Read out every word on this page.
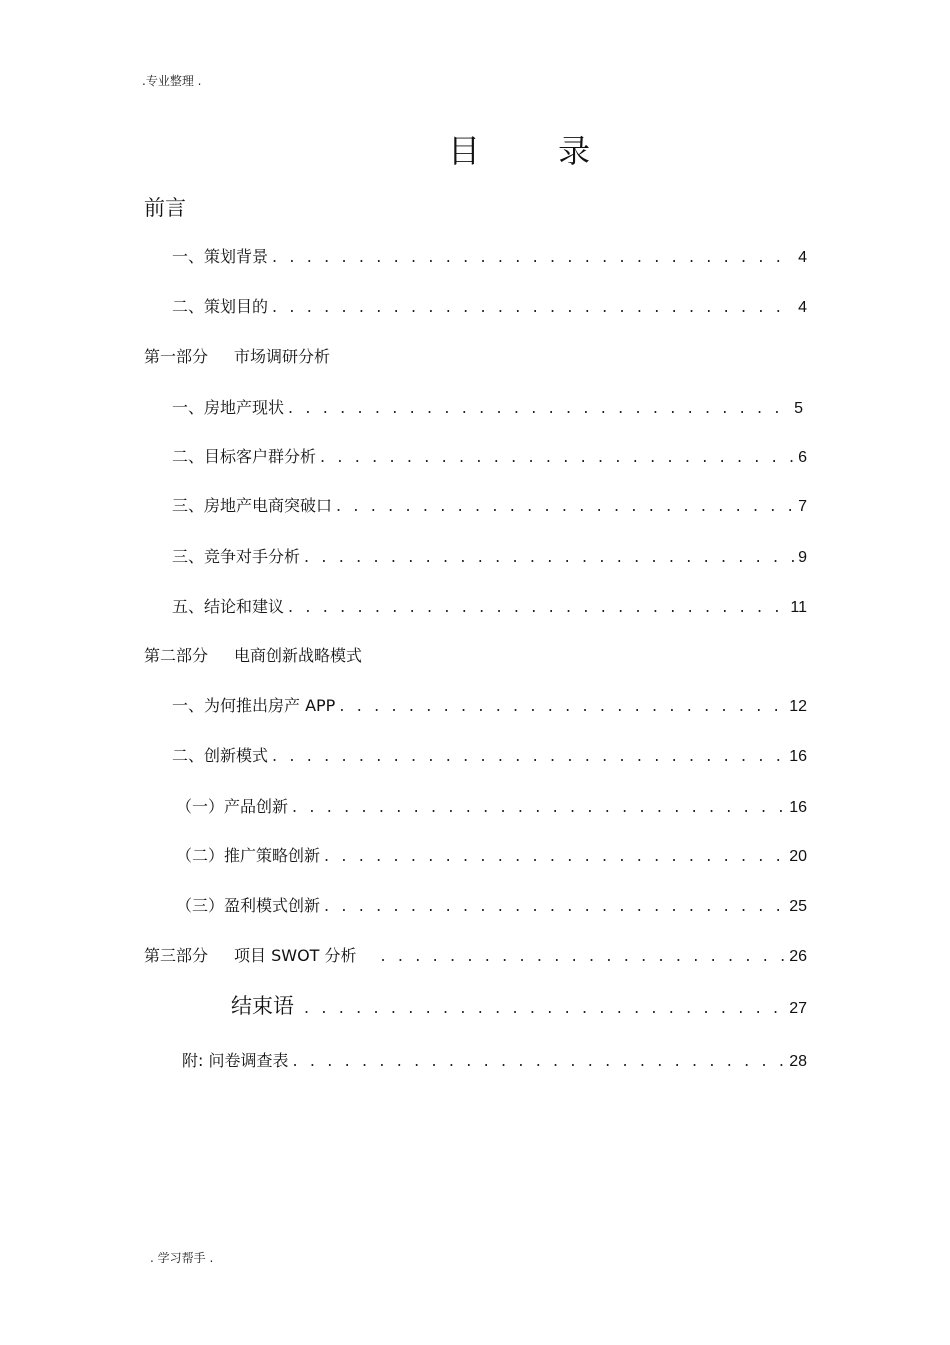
.专业整理 .
目 录
前言
一、策划背景 . . .	4
二、策划目的 . . .	4
第一部分 市场调研分析
一、房地产现状 . . .	5
二、目标客户群分析 . . .	6
三、房地产电商突破口 . . .	7
三、竞争对手分析 . . .	9
五、结论和建议 . . .	11
第二部分 电商创新战略模式
一、为何推出房产 APP . . .	12
二、创新模式 . . .	16
（一）产品创新 . . .	16
（二）推广策略创新 . . .	20
（三）盈利模式创新 . . .	25
第三部分 项目 SWOT 分析 . . .	26
结束语 . . .	27
附: 问卷调查表 . . .	28
. 学习帮手 .
